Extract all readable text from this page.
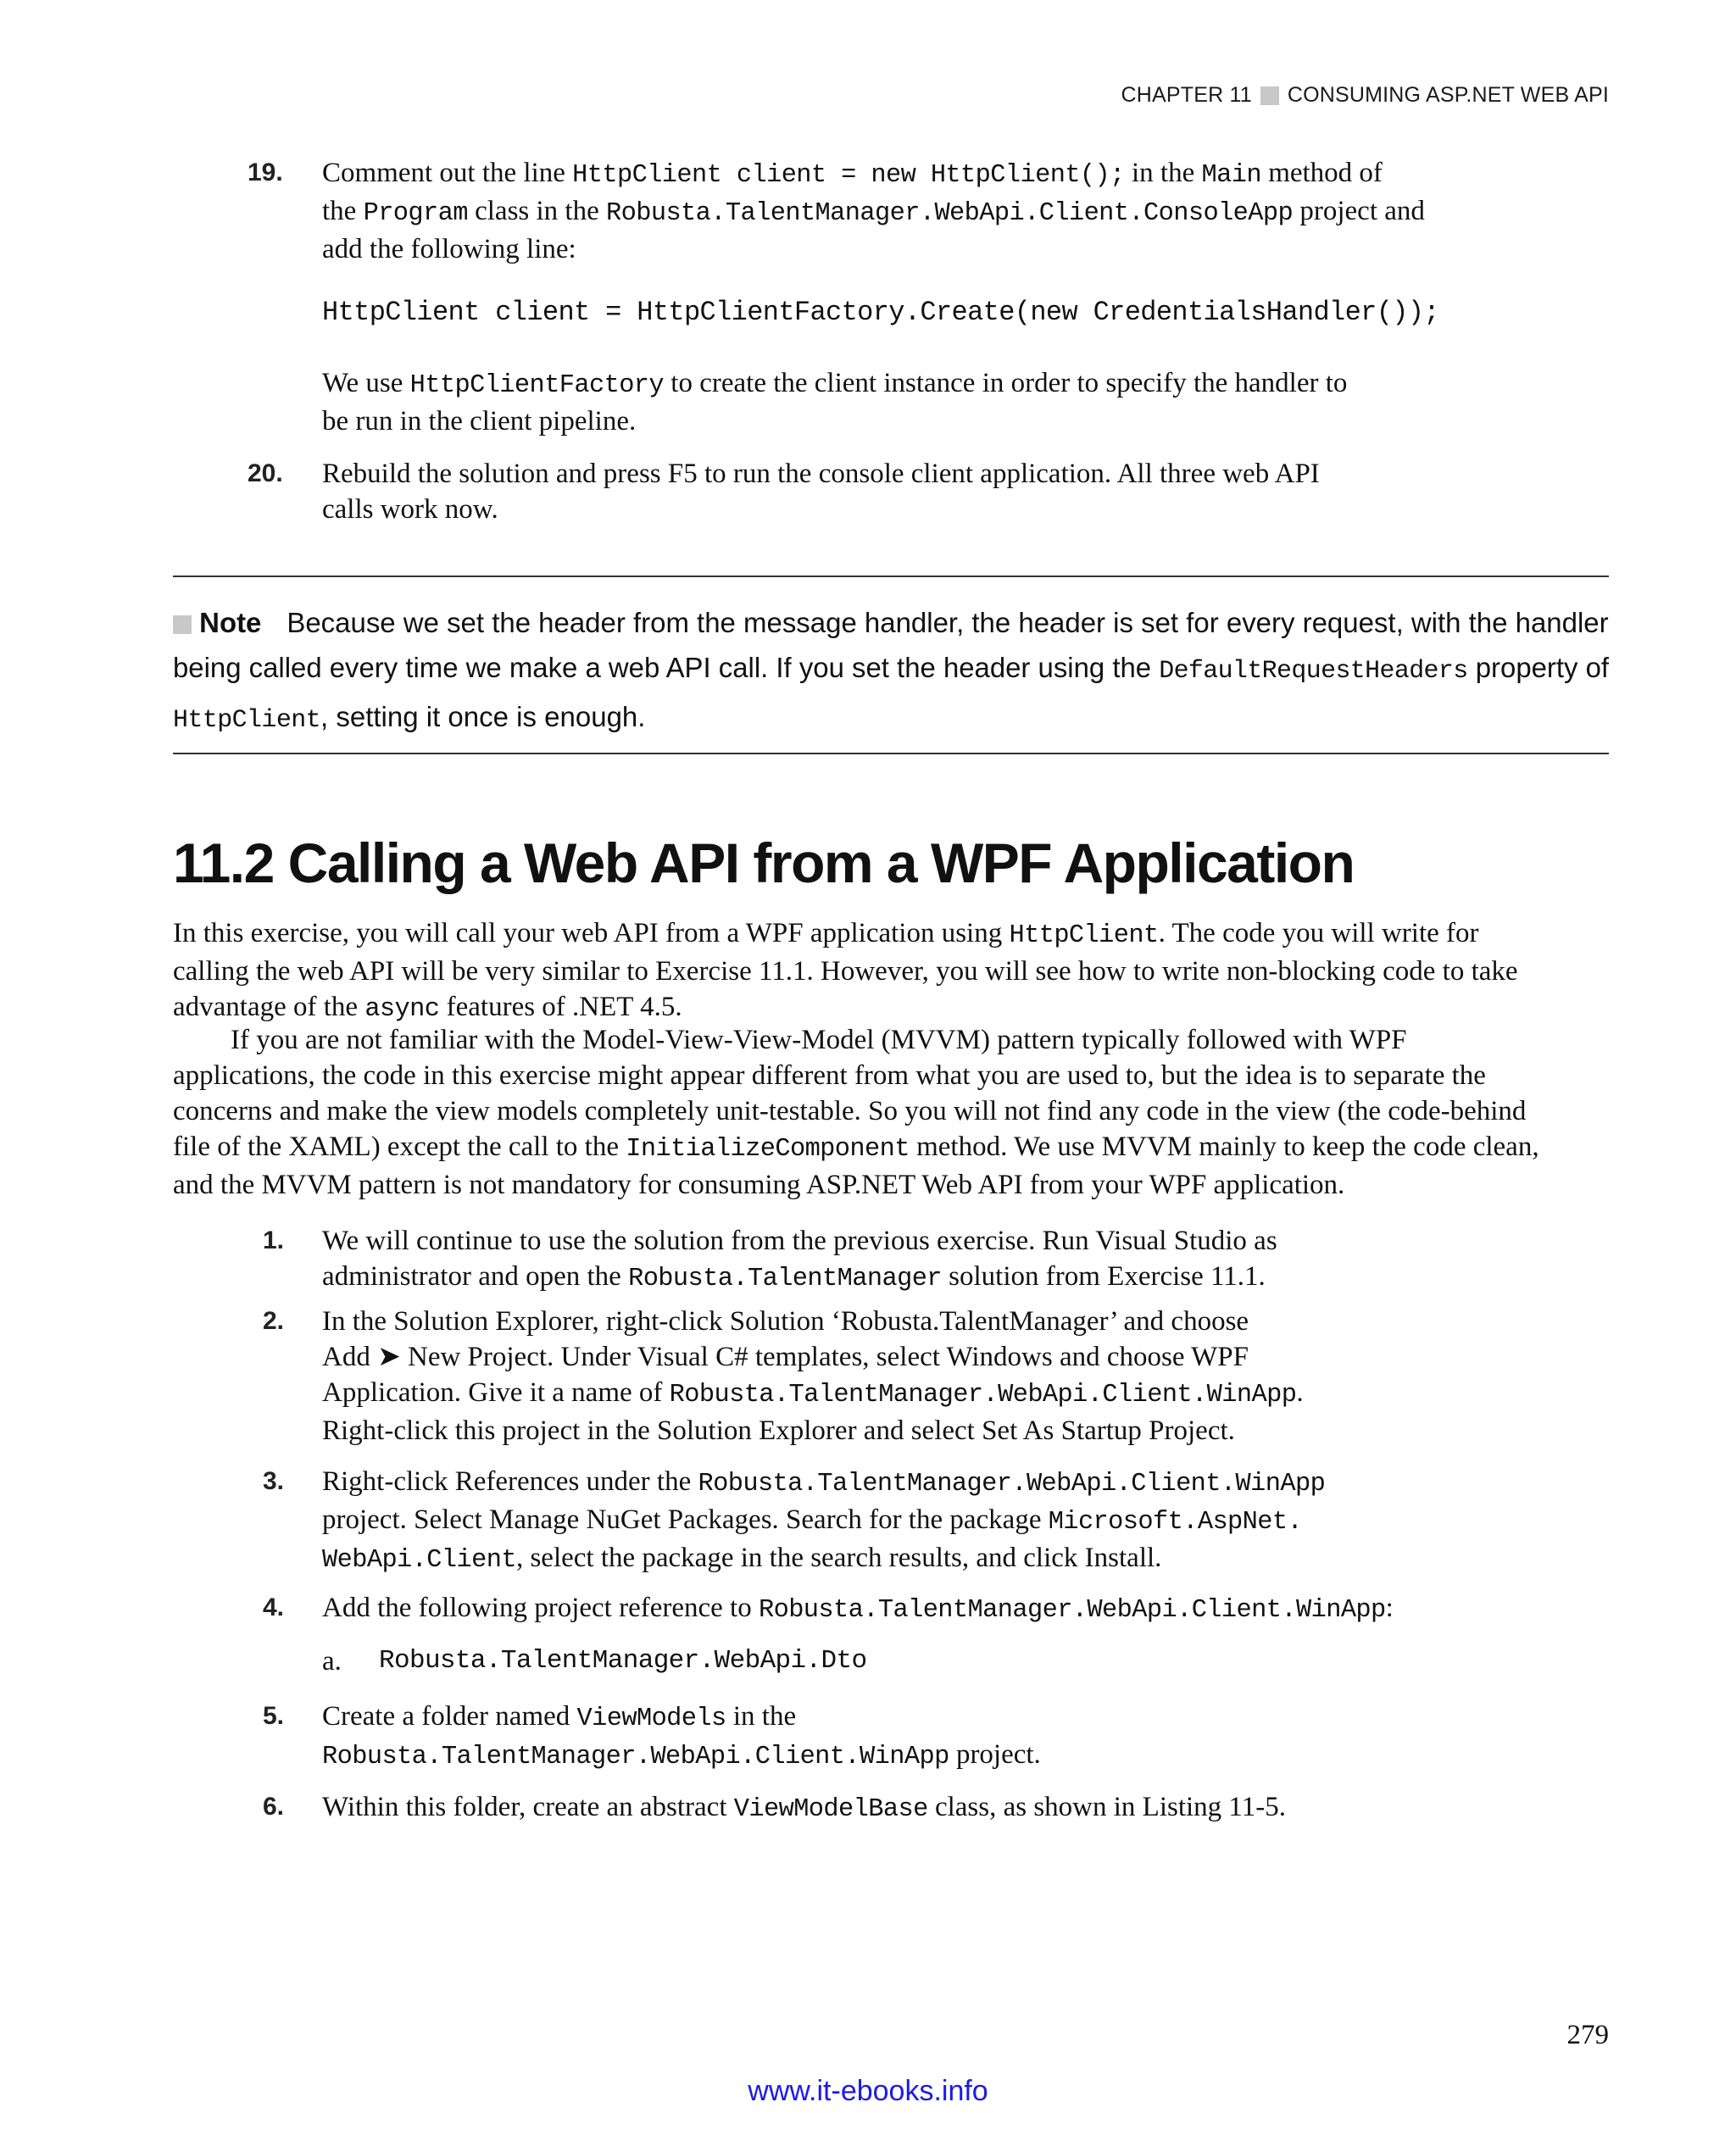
CHAPTER 11 CONSUMING ASP.NET WEB API
19. Comment out the line HttpClient client = new HttpClient(); in the Main method of
the Program class in the Robusta.TalentManager.WebApi.Client.ConsoleApp project and
add the following line:
HttpClient client = HttpClientFactory.Create(new CredentialsHandler());
We use HttpClientFactory to create the client instance in order to specify the handler to
be run in the client pipeline.
20. Rebuild the solution and press F5 to run the console client application. All three web API
calls work now.
Note Because we set the header from the message handler, the header is set for every request, with the handler
being called every time we make a web API call. If you set the header using the DefaultRequestHeaders property of
HttpClient, setting it once is enough.
11.2 Calling a Web API from a WPF Application
In this exercise, you will call your web API from a WPF application using HttpClient. The code you will write for
calling the web API will be very similar to Exercise 11.1. However, you will see how to write non-blocking code to take
advantage of the async features of .NET 4.5.
If you are not familiar with the Model-View-View-Model (MVVM) pattern typically followed with WPF
applications, the code in this exercise might appear different from what you are used to, but the idea is to separate the
concerns and make the view models completely unit-testable. So you will not find any code in the view (the code-behind
file of the XAML) except the call to the InitializeComponent method. We use MVVM mainly to keep the code clean,
and the MVVM pattern is not mandatory for consuming ASP.NET Web API from your WPF application.
1. We will continue to use the solution from the previous exercise. Run Visual Studio as
administrator and open the Robusta.TalentManager solution from Exercise 11.1.
2. In the Solution Explorer, right-click Solution ‘Robusta.TalentManager’ and choose
Add ➤ New Project. Under Visual C# templates, select Windows and choose WPF
Application. Give it a name of Robusta.TalentManager.WebApi.Client.WinApp.
Right-click this project in the Solution Explorer and select Set As Startup Project.
3. Right-click References under the Robusta.TalentManager.WebApi.Client.WinApp
project. Select Manage NuGet Packages. Search for the package Microsoft.AspNet.
WebApi.Client, select the package in the search results, and click Install.
4. Add the following project reference to Robusta.TalentManager.WebApi.Client.WinApp:
a. Robusta.TalentManager.WebApi.Dto
5. Create a folder named ViewModels in the
Robusta.TalentManager.WebApi.Client.WinApp project.
6. Within this folder, create an abstract ViewModelBase class, as shown in Listing 11-5.
279
www.it-ebooks.info
